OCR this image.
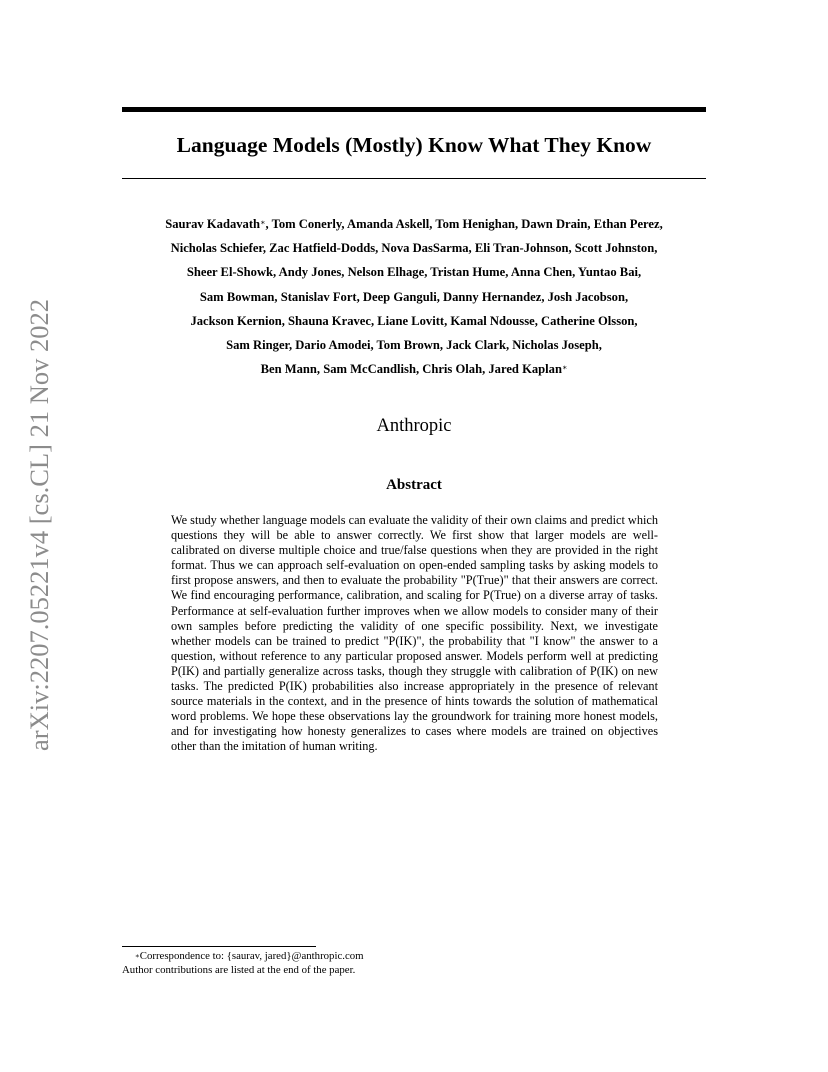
arXiv:2207.05221v4 [cs.CL] 21 Nov 2022
Language Models (Mostly) Know What They Know
Saurav Kadavath∗, Tom Conerly, Amanda Askell, Tom Henighan, Dawn Drain, Ethan Perez,
Nicholas Schiefer, Zac Hatfield-Dodds, Nova DasSarma, Eli Tran-Johnson, Scott Johnston,
Sheer El-Showk, Andy Jones, Nelson Elhage, Tristan Hume, Anna Chen, Yuntao Bai,
Sam Bowman, Stanislav Fort, Deep Ganguli, Danny Hernandez, Josh Jacobson,
Jackson Kernion, Shauna Kravec, Liane Lovitt, Kamal Ndousse, Catherine Olsson,
Sam Ringer, Dario Amodei, Tom Brown, Jack Clark, Nicholas Joseph,
Ben Mann, Sam McCandlish, Chris Olah, Jared Kaplan∗
Anthropic
Abstract

We study whether language models can evaluate the validity of their own claims and predict which questions they will be able to answer correctly. We first show that larger models are well-calibrated on diverse multiple choice and true/false questions when they are provided in the right format. Thus we can approach self-evaluation on open-ended sampling tasks by asking models to first propose answers, and then to evaluate the probability "P(True)" that their answers are correct. We find encouraging performance, calibration, and scaling for P(True) on a diverse array of tasks. Performance at self-evaluation further improves when we allow models to consider many of their own samples before predicting the validity of one specific possibility. Next, we investigate whether models can be trained to predict "P(IK)", the probability that "I know" the answer to a question, without reference to any particular proposed answer. Models perform well at predicting P(IK) and partially generalize across tasks, though they struggle with calibration of P(IK) on new tasks. The predicted P(IK) probabilities also increase appropriately in the presence of relevant source materials in the context, and in the presence of hints towards the solution of mathematical word problems. We hope these observations lay the groundwork for training more honest models, and for investigating how honesty generalizes to cases where models are trained on objectives other than the imitation of human writing.

∗Correspondence to: {saurav, jared}@anthropic.com
Author contributions are listed at the end of the paper.
